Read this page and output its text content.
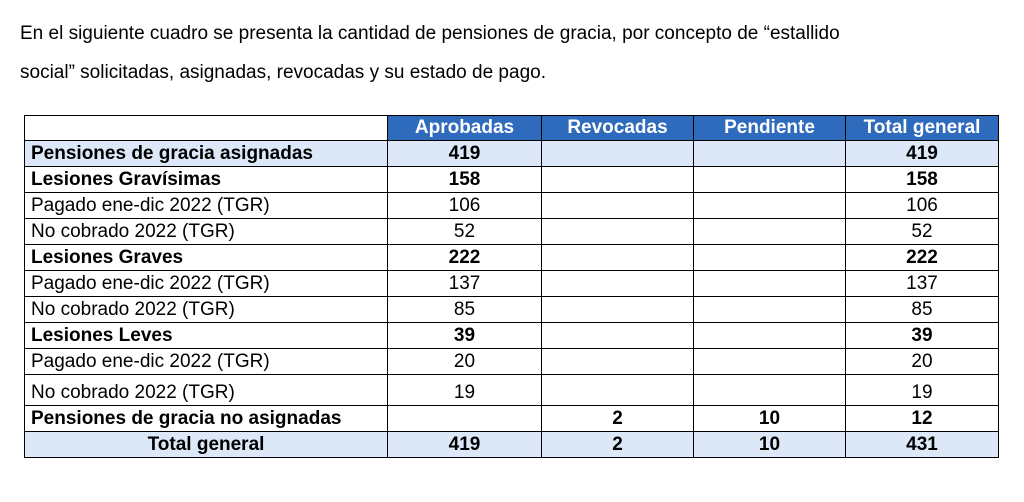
En el siguiente cuadro se presenta la cantidad de pensiones de gracia, por concepto de “estallido
social” solicitadas, asignadas, revocadas y su estado de pago.

	Aprobadas	Revocadas	Pendiente	Total general
Pensiones de gracia asignadas	419			419
Lesiones Gravísimas	158			158
Pagado ene-dic 2022 (TGR)	106			106
No cobrado 2022 (TGR)	52			52
Lesiones Graves	222			222
Pagado ene-dic 2022 (TGR)	137			137
No cobrado 2022 (TGR)	85			85
Lesiones Leves	39			39
Pagado ene-dic 2022 (TGR)	20			20
No cobrado 2022 (TGR)	19			19
Pensiones de gracia no asignadas		2	10	12
Total general	419	2	10	431
